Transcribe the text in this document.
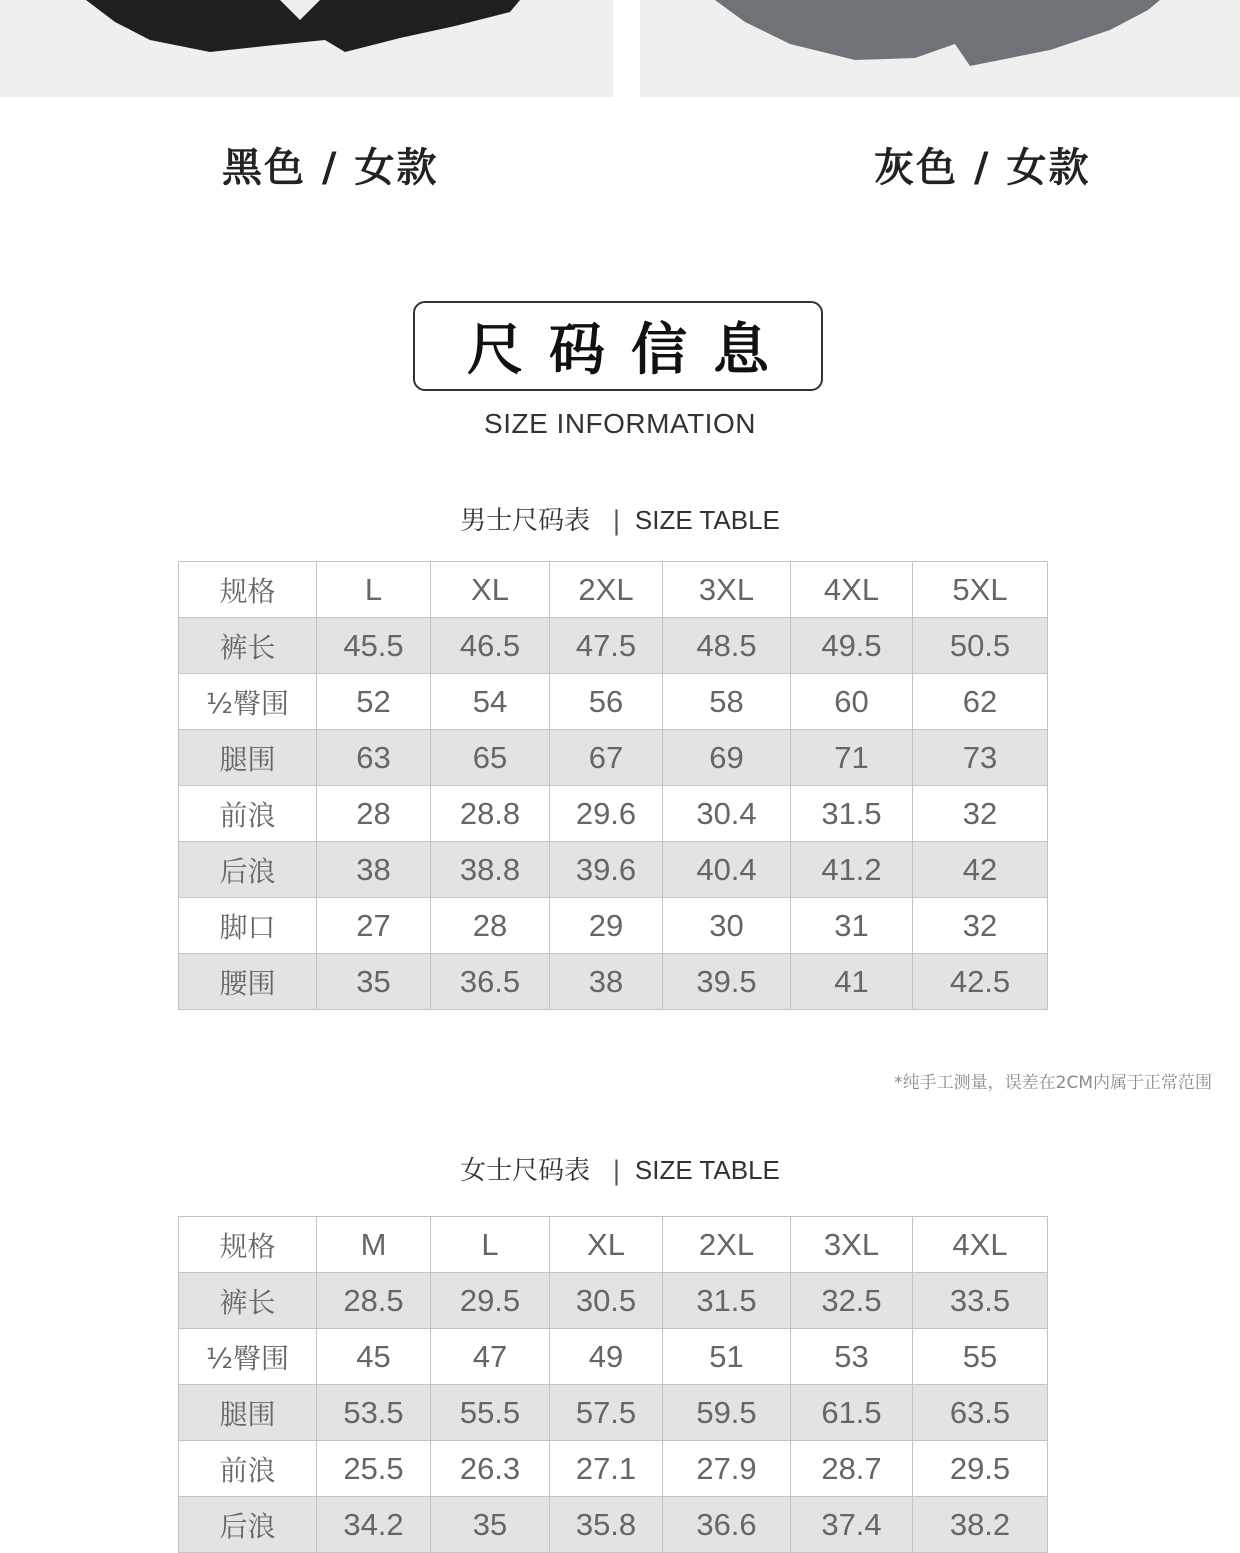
黑色 / 女款	灰色 / 女款
尺码信息
SIZE INFORMATION
男士尺码表 | SIZE TABLE
规格	L	XL	2XL	3XL	4XL	5XL
裤长	45.5	46.5	47.5	48.5	49.5	50.5
½臀围	52	54	56	58	60	62
腿围	63	65	67	69	71	73
前浪	28	28.8	29.6	30.4	31.5	32
后浪	38	38.8	39.6	40.4	41.2	42
脚口	27	28	29	30	31	32
腰围	35	36.5	38	39.5	41	42.5
*纯手工测量，误差在2CM内属于正常范围
女士尺码表 | SIZE TABLE
规格	M	L	XL	2XL	3XL	4XL
裤长	28.5	29.5	30.5	31.5	32.5	33.5
½臀围	45	47	49	51	53	55
腿围	53.5	55.5	57.5	59.5	61.5	63.5
前浪	25.5	26.3	27.1	27.9	28.7	29.5
后浪	34.2	35	35.8	36.6	37.4	38.2
